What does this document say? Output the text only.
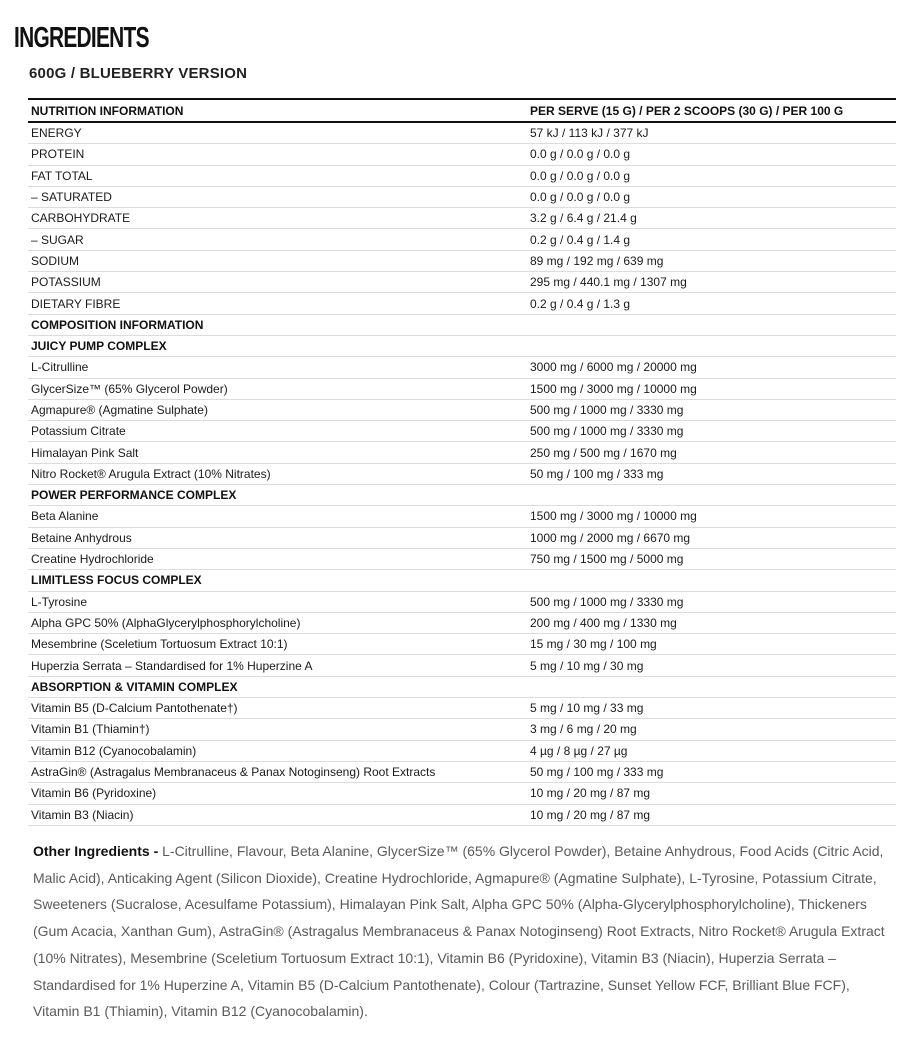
INGREDIENTS
600G / BLUEBERRY VERSION
NUTRITION INFORMATION	PER SERVE (15 G) / PER 2 SCOOPS (30 G) / PER 100 G
ENERGY	57 kJ / 113 kJ / 377 kJ
PROTEIN	0.0 g / 0.0 g / 0.0 g
FAT TOTAL	0.0 g / 0.0 g / 0.0 g
– SATURATED	0.0 g / 0.0 g / 0.0 g
CARBOHYDRATE	3.2 g / 6.4 g / 21.4 g
– SUGAR	0.2 g / 0.4 g / 1.4 g
SODIUM	89 mg / 192 mg / 639 mg
POTASSIUM	295 mg / 440.1 mg / 1307 mg
DIETARY FIBRE	0.2 g / 0.4 g / 1.3 g
COMPOSITION INFORMATION	
JUICY PUMP COMPLEX	
L-Citrulline	3000 mg / 6000 mg / 20000 mg
GlycerSize™ (65% Glycerol Powder)	1500 mg / 3000 mg / 10000 mg
Agmapure® (Agmatine Sulphate)	500 mg / 1000 mg / 3330 mg
Potassium Citrate	500 mg / 1000 mg / 3330 mg
Himalayan Pink Salt	250 mg / 500 mg / 1670 mg
Nitro Rocket® Arugula Extract (10% Nitrates)	50 mg / 100 mg / 333 mg
POWER PERFORMANCE COMPLEX	
Beta Alanine	1500 mg / 3000 mg / 10000 mg
Betaine Anhydrous	1000 mg / 2000 mg / 6670 mg
Creatine Hydrochloride	750 mg / 1500 mg / 5000 mg
LIMITLESS FOCUS COMPLEX	
L-Tyrosine	500 mg / 1000 mg / 3330 mg
Alpha GPC 50% (AlphaGlycerylphosphorylcholine)	200 mg / 400 mg / 1330 mg
Mesembrine (Sceletium Tortuosum Extract 10:1)	15 mg / 30 mg / 100 mg
Huperzia Serrata – Standardised for 1% Huperzine A	5 mg / 10 mg / 30 mg
ABSORPTION & VITAMIN COMPLEX	
Vitamin B5 (D-Calcium Pantothenate†)	5 mg / 10 mg / 33 mg
Vitamin B1 (Thiamin†)	3 mg / 6 mg / 20 mg
Vitamin B12 (Cyanocobalamin)	4 µg / 8 µg / 27 µg
AstraGin® (Astragalus Membranaceus & Panax Notoginseng) Root Extracts	50 mg / 100 mg / 333 mg
Vitamin B6 (Pyridoxine)	10 mg / 20 mg / 87 mg
Vitamin B3 (Niacin)	10 mg / 20 mg / 87 mg

Other Ingredients - L-Citrulline, Flavour, Beta Alanine, GlycerSize™ (65% Glycerol Powder), Betaine Anhydrous, Food Acids (Citric Acid, Malic Acid), Anticaking Agent (Silicon Dioxide), Creatine Hydrochloride, Agmapure® (Agmatine Sulphate), L-Tyrosine, Potassium Citrate, Sweeteners (Sucralose, Acesulfame Potassium), Himalayan Pink Salt, Alpha GPC 50% (Alpha-Glycerylphosphorylcholine), Thickeners (Gum Acacia, Xanthan Gum), AstraGin® (Astragalus Membranaceus & Panax Notoginseng) Root Extracts, Nitro Rocket® Arugula Extract (10% Nitrates), Mesembrine (Sceletium Tortuosum Extract 10:1), Vitamin B6 (Pyridoxine), Vitamin B3 (Niacin), Huperzia Serrata – Standardised for 1% Huperzine A, Vitamin B5 (D-Calcium Pantothenate), Colour (Tartrazine, Sunset Yellow FCF, Brilliant Blue FCF), Vitamin B1 (Thiamin), Vitamin B12 (Cyanocobalamin).
